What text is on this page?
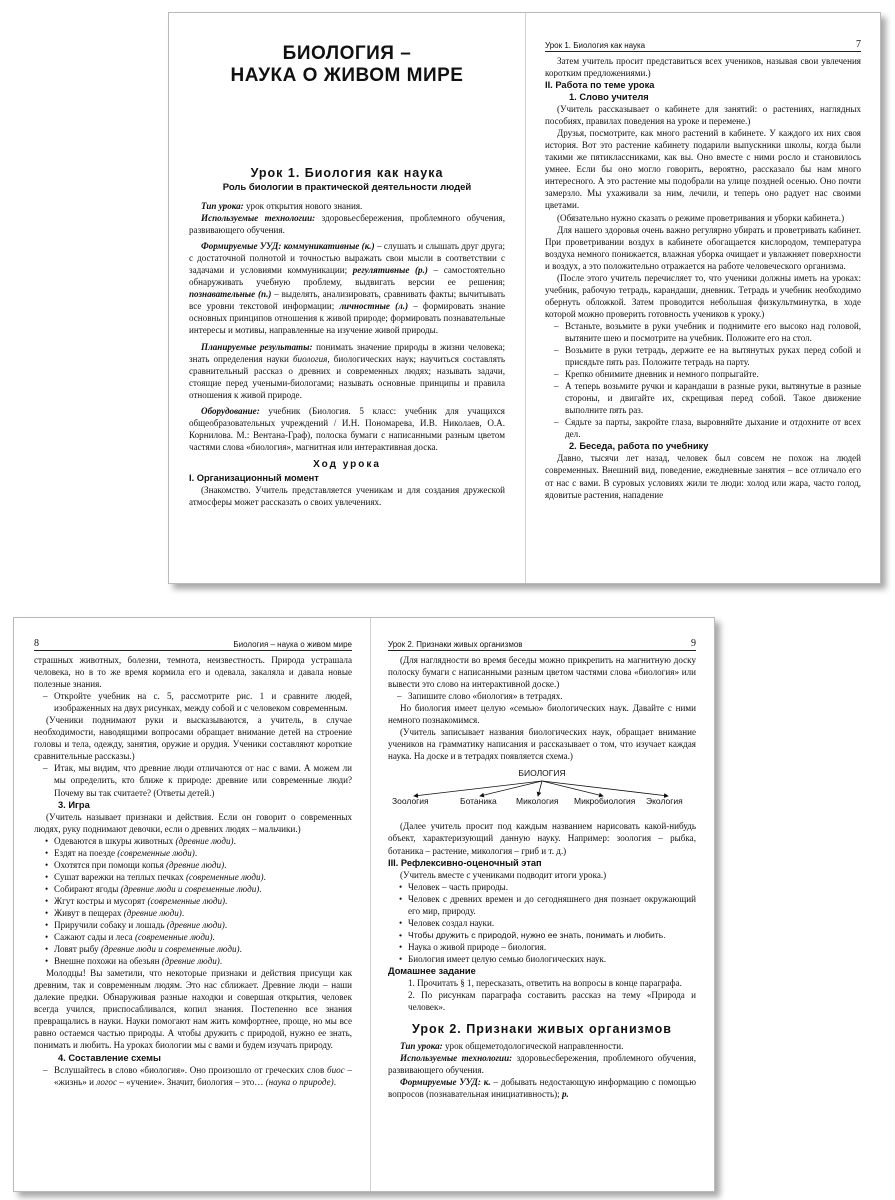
БИОЛОГИЯ –
НАУКА О ЖИВОМ МИРЕ
Урок 1. Биология как наука
Роль биологии в практической деятельности людей

Тип урока: урок открытия нового знания.

Используемые технологии: здоровьесбережения, проблемного обучения, развивающего обучения.

Формируемые УУД: коммуникативные (к.) – слушать и слышать друг друга; с достаточной полнотой и точностью выражать свои мысли в соответствии с задачами и условиями коммуникации; регулятивные (р.) – самостоятельно обнаруживать учебную проблему, выдвигать версии ее решения; познавательные (п.) – выделять, анализировать, сравнивать факты; вычитывать все уровни текстовой информации; личностные (л.) – формировать знание основных принципов отношения к живой природе; формировать познавательные интересы и мотивы, направленные на изучение живой природы.

Планируемые результаты: понимать значение природы в жизни человека; знать определения науки биология, биологических наук; научиться составлять сравнительный рассказ о древних и современных людях; называть задачи, стоящие перед учеными-биологами; называть основные принципы и правила отношения к живой природе.

Оборудование: учебник (Биология. 5 класс: учебник для учащихся общеобразовательных учреждений / И.Н. Пономарева, И.В. Николаев, О.А. Корнилова. М.: Вентана-Граф), полоска бумаги с написанными разным цветом частями слова «биология», магнитная или интерактивная доска.

Ход урока

I. Организационный момент

(Знакомство. Учитель представляется ученикам и для создания дружеской атмосферы может рассказать о своих увлечениях.

Урок 1. Биология как наука	7

Затем учитель просит представиться всех учеников, называя свои увлечения коротким предложениями.)

II. Работа по теме урока

1. Слово учителя

(Учитель рассказывает о кабинете для занятий: о растениях, наглядных пособиях, правилах поведения на уроке и перемене.)

Друзья, посмотрите, как много растений в кабинете. У каждого их них своя история. Вот это растение кабинету подарили выпускники школы, когда были такими же пятиклассниками, как вы. Оно вместе с ними росло и становилось умнее. Если бы оно могло говорить, вероятно, рассказало бы нам много интересного. А это растение мы подобрали на улице поздней осенью. Оно почти замерзло. Мы ухаживали за ним, лечили, и теперь оно радует нас своими цветами.

(Обязательно нужно сказать о режиме проветривания и уборки кабинета.)

Для нашего здоровья очень важно регулярно убирать и проветривать кабинет. При проветривании воздух в кабинете обогащается кислородом, температура воздуха немного понижается, влажная уборка очищает и увлажняет поверхности и воздух, а это положительно отражается на работе человеческого организма.

(После этого учитель перечисляет то, что ученики должны иметь на уроках: учебник, рабочую тетрадь, карандаши, дневник. Тетрадь и учебник необходимо обернуть обложкой. Затем проводится небольшая физкультминутка, в ходе которой можно проверить готовность учеников к уроку.)

– Встаньте, возьмите в руки учебник и поднимите его высоко над головой, вытяните шею и посмотрите на учебник. Положите его на стол.
– Возьмите в руки тетрадь, держите ее на вытянутых руках перед собой и присядьте пять раз. Положите тетрадь на парту.
– Крепко обнимите дневник и немного попрыгайте.
– А теперь возьмите ручки и карандаши в разные руки, вытянутые в разные стороны, и двигайте их, скрещивая перед собой. Такое движение выполните пять раз.
– Сядьте за парты, закройте глаза, выровняйте дыхание и отдохните от всех дел.

2. Беседа, работа по учебнику

Давно, тысячи лет назад, человек был совсем не похож на людей современных. Внешний вид, поведение, ежедневные занятия – все отличало его от нас с вами. В суровых условиях жили те люди: холод или жара, часто голод, ядовитые растения, нападение

8	Биология – наука о живом мире

страшных животных, болезни, темнота, неизвестность. Природа устрашала человека, но в то же время кормила его и одевала, закаляла и давала новые полезные знания.

– Откройте учебник на с. 5, рассмотрите рис. 1 и сравните людей, изображенных на двух рисунках, между собой и с человеком современным.

(Ученики поднимают руки и высказываются, а учитель, в случае необходимости, наводящими вопросами обращает внимание детей на строение головы и тела, одежду, занятия, оружие и орудия. Ученики составляют короткие сравнительные рассказы.)

– Итак, мы видим, что древние люди отличаются от нас с вами. А можем ли мы определить, кто ближе к природе: древние или современные люди? Почему вы так считаете? (Ответы детей.)

3. Игра

(Учитель называет признаки и действия. Если он говорит о современных людях, руку поднимают девочки, если о древних людях – мальчики.)

• Одеваются в шкуры животных (древние люди).
• Ездят на поезде (современные люди).
• Охотятся при помощи копья (древние люди).
• Сушат варежки на теплых печках (современные люди).
• Собирают ягоды (древние люди и современные люди).
• Жгут костры и мусорят (современные люди).
• Живут в пещерах (древние люди).
• Приручили собаку и лошадь (древние люди).
• Сажают сады и леса (современные люди).
• Ловят рыбу (древние люди и современные люди).
• Внешне похожи на обезьян (древние люди).

Молодцы! Вы заметили, что некоторые признаки и действия присущи как древним, так и современным людям. Это нас сближает. Древние люди – наши далекие предки. Обнаруживая разные находки и совершая открытия, человек всегда учился, приспосабливался, копил знания. Постепенно все знания превращались в науки. Науки помогают нам жить комфортнее, проще, но мы все равно остаемся частью природы. А чтобы дружить с природой, нужно ее знать, понимать и любить. На уроках биологии мы с вами и будем изучать природу.

4. Составление схемы

– Вслушайтесь в слово «биология». Оно произошло от греческих слов биос – «жизнь» и логос – «учение». Значит, биология – это… (наука о природе).
Урок 2. Признаки живых организмов	9

(Для наглядности во время беседы можно прикрепить на магнитную доску полоску бумаги с написанными разным цветом частями слова «биология» или вывести это слово на интерактивной доске.)

– Запишите слово «биология» в тетрадях.

Но биология имеет целую «семью» биологических наук. Давайте с ними немного познакомимся.

(Учитель записывает названия биологических наук, обращает внимание учеников на грамматику написания и рассказывает о том, что изучает каждая наука. На доске и в тетрадях появляется схема.)

БИОЛОГИЯ
Зоология	Ботаника Микология Микробиология Экология

(Далее учитель просит под каждым названием нарисовать какой-нибудь объект, характеризующий данную науку. Например: зоология – рыбка, ботаника – растение, микология – гриб и т. д.)

III. Рефлексивно-оценочный этап

(Учитель вместе с учениками подводит итоги урока.)

• Человек – часть природы.
• Человек с древних времен и до сегодняшнего дня познает окружающий его мир, природу.
• Человек создал науки.
• Чтобы дружить с природой, нужно ее знать, понимать и любить.
• Наука о живой природе – биология.
• Биология имеет целую семью биологических наук.

Домашнее задание

1. Прочитать § 1, пересказать, ответить на вопросы в конце параграфа.

2. По рисункам параграфа составить рассказ на тему «Природа и человек».

Урок 2. Признаки живых организмов

Тип урока: урок общеметодологической направленности.

Используемые технологии: здоровьесбережения, проблемного обучения, развивающего обучения.

Формируемые УУД: к. – добывать недостающую информацию с помощью вопросов (познавательная инициативность); р.
